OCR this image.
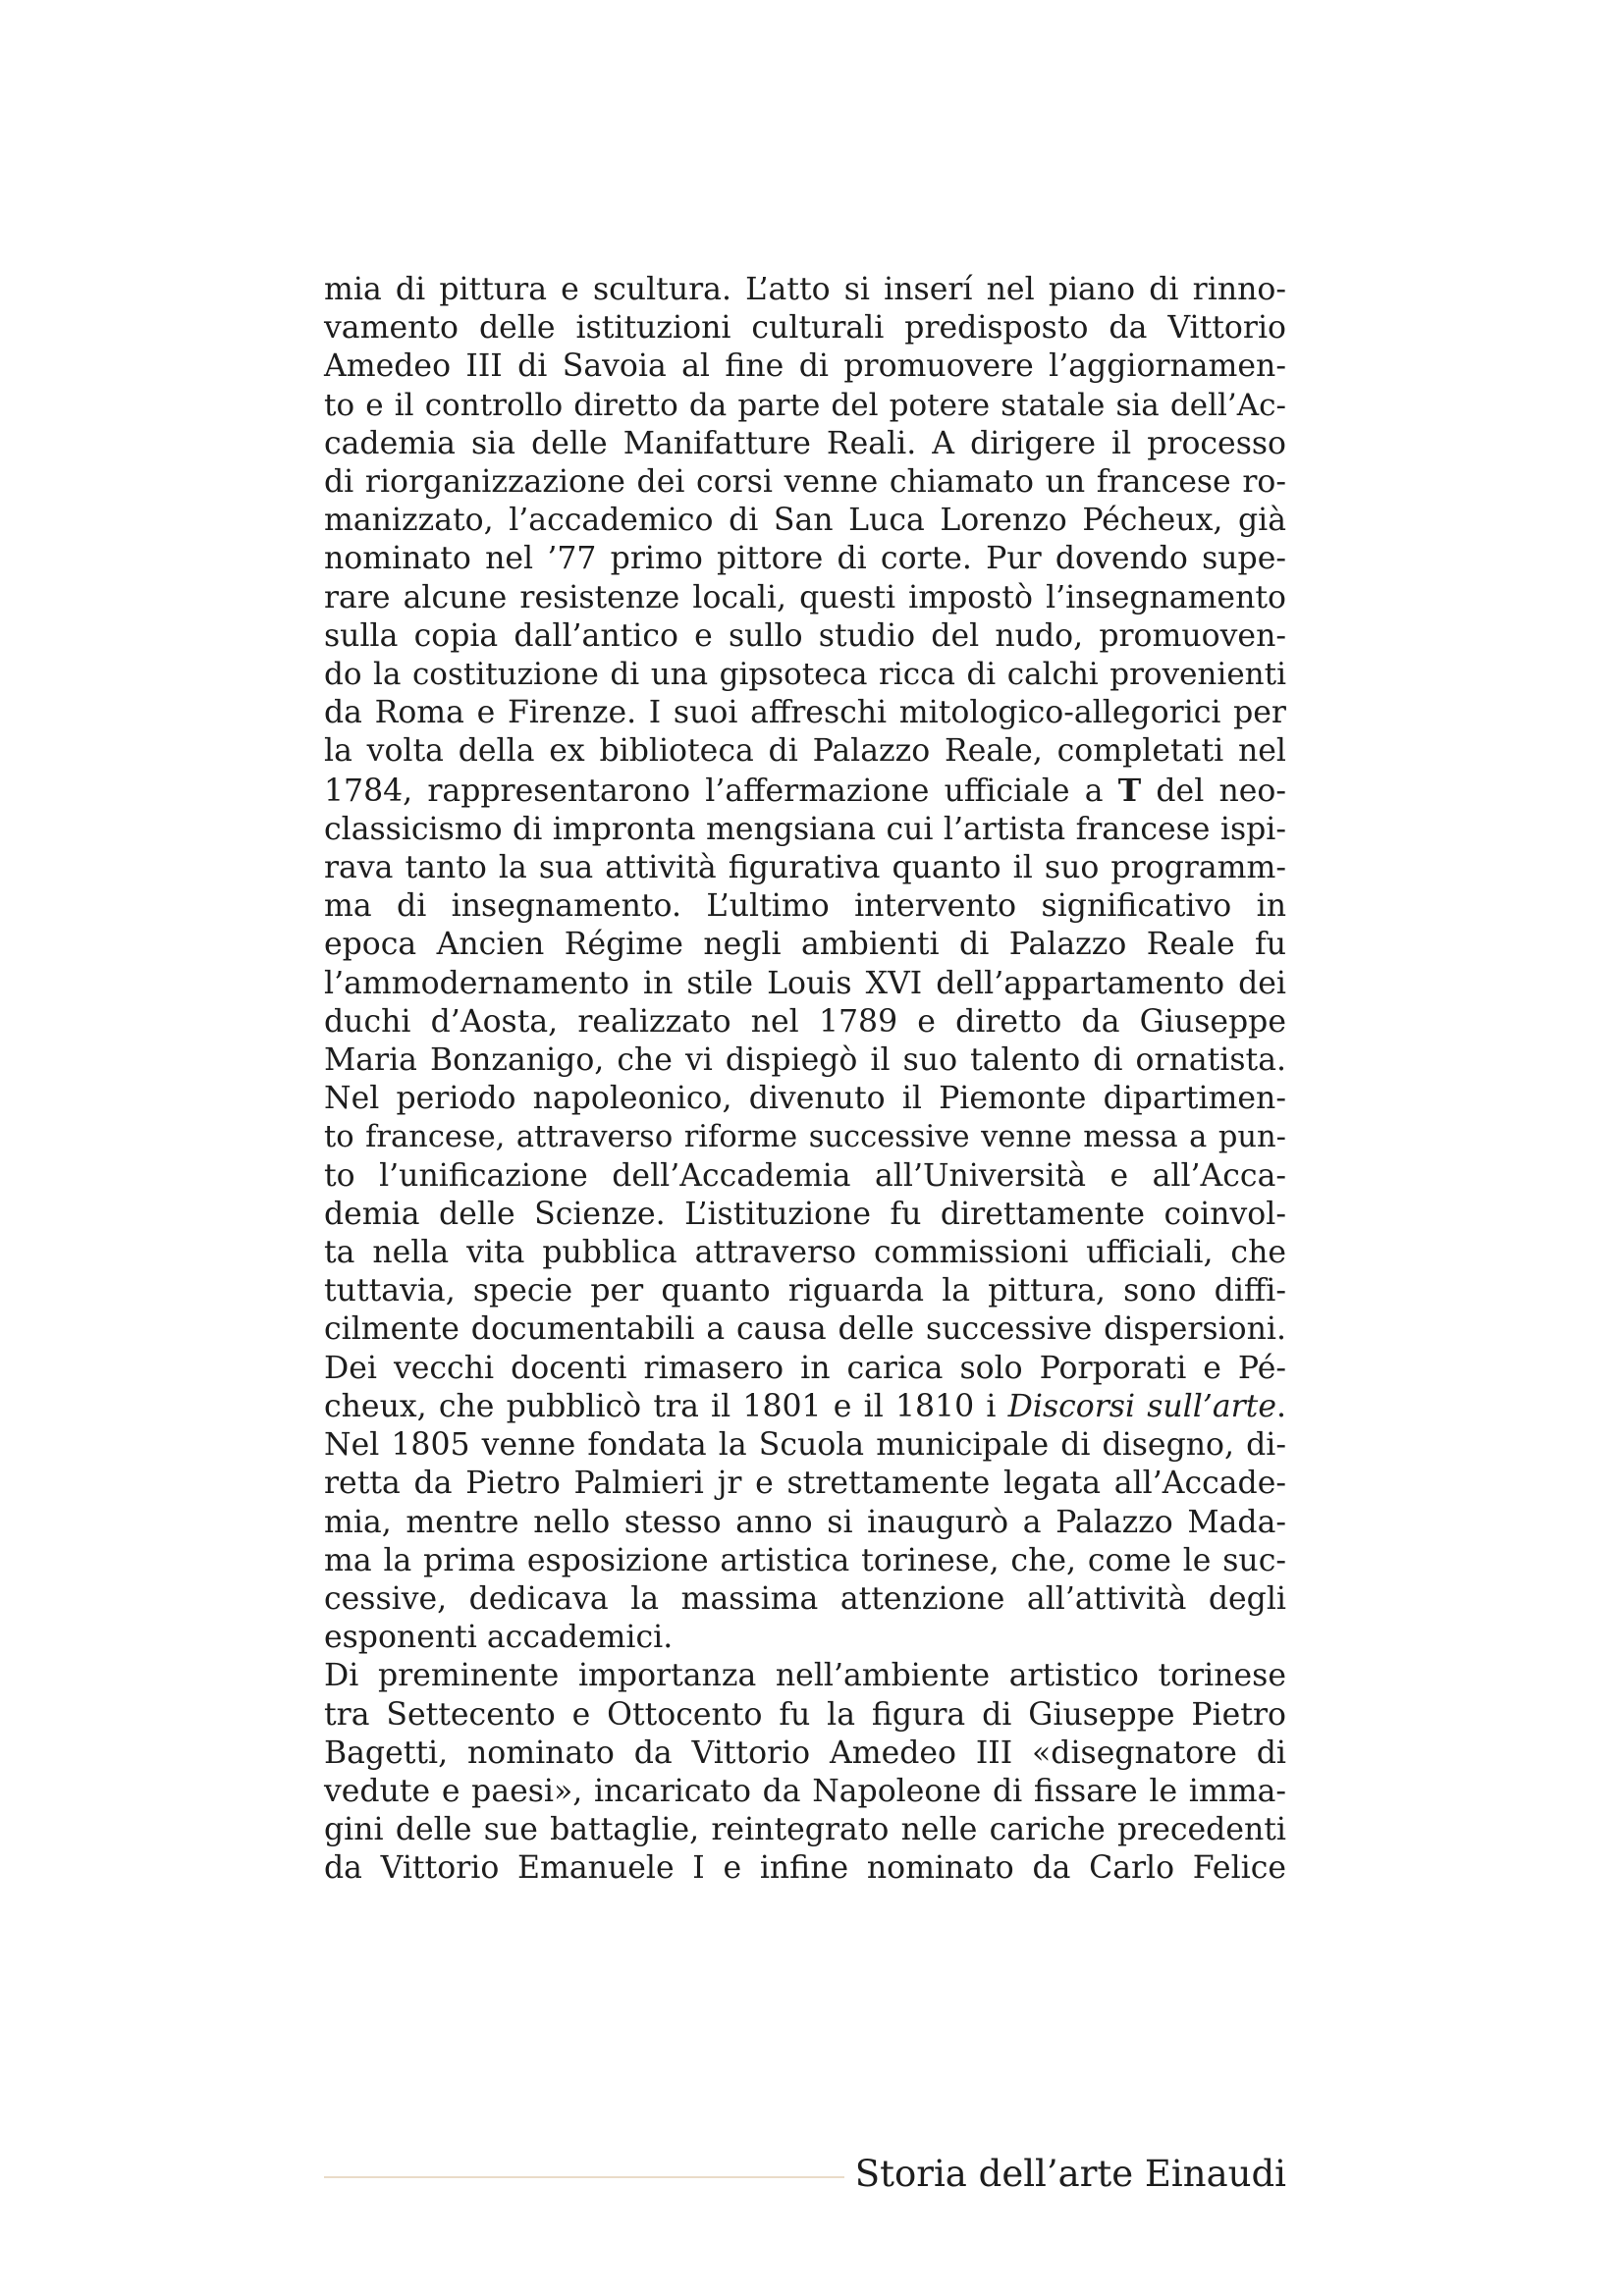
mia di pittura e scultura. L’atto si inserí nel piano di rinno-
vamento delle istituzioni culturali predisposto da Vittorio
Amedeo III di Savoia al fine di promuovere l’aggiornamen-
to e il controllo diretto da parte del potere statale sia dell’Ac-
cademia sia delle Manifatture Reali. A dirigere il processo
di riorganizzazione dei corsi venne chiamato un francese ro-
manizzato, l’accademico di San Luca Lorenzo Pécheux, già
nominato nel ’77 primo pittore di corte. Pur dovendo supe-
rare alcune resistenze locali, questi impostò l’insegnamento
sulla copia dall’antico e sullo studio del nudo, promuoven-
do la costituzione di una gipsoteca ricca di calchi provenienti
da Roma e Firenze. I suoi affreschi mitologico-allegorici per
la volta della ex biblioteca di Palazzo Reale, completati nel
1784, rappresentarono l’affermazione ufficiale a T del neo-
classicismo di impronta mengsiana cui l’artista francese ispi-
rava tanto la sua attività figurativa quanto il suo programm-
ma di insegnamento. L’ultimo intervento significativo in
epoca Ancien Régime negli ambienti di Palazzo Reale fu
l’ammodernamento in stile Louis XVI dell’appartamento dei
duchi d’Aosta, realizzato nel 1789 e diretto da Giuseppe
Maria Bonzanigo, che vi dispiegò il suo talento di ornatista.
Nel periodo napoleonico, divenuto il Piemonte dipartimen-
to francese, attraverso riforme successive venne messa a pun-
to l’unificazione dell’Accademia all’Università e all’Acca-
demia delle Scienze. L’istituzione fu direttamente coinvol-
ta nella vita pubblica attraverso commissioni ufficiali, che
tuttavia, specie per quanto riguarda la pittura, sono diffi-
cilmente documentabili a causa delle successive dispersioni.
Dei vecchi docenti rimasero in carica solo Porporati e Pé-
cheux, che pubblicò tra il 1801 e il 1810 i Discorsi sull’arte.
Nel 1805 venne fondata la Scuola municipale di disegno, di-
retta da Pietro Palmieri jr e strettamente legata all’Accade-
mia, mentre nello stesso anno si inaugurò a Palazzo Mada-
ma la prima esposizione artistica torinese, che, come le suc-
cessive, dedicava la massima attenzione all’attività degli
esponenti accademici.
Di preminente importanza nell’ambiente artistico torinese
tra Settecento e Ottocento fu la figura di Giuseppe Pietro
Bagetti, nominato da Vittorio Amedeo III «disegnatore di
vedute e paesi», incaricato da Napoleone di fissare le imma-
gini delle sue battaglie, reintegrato nelle cariche precedenti
da Vittorio Emanuele I e infine nominato da Carlo Felice
Storia dell’arte Einaudi
